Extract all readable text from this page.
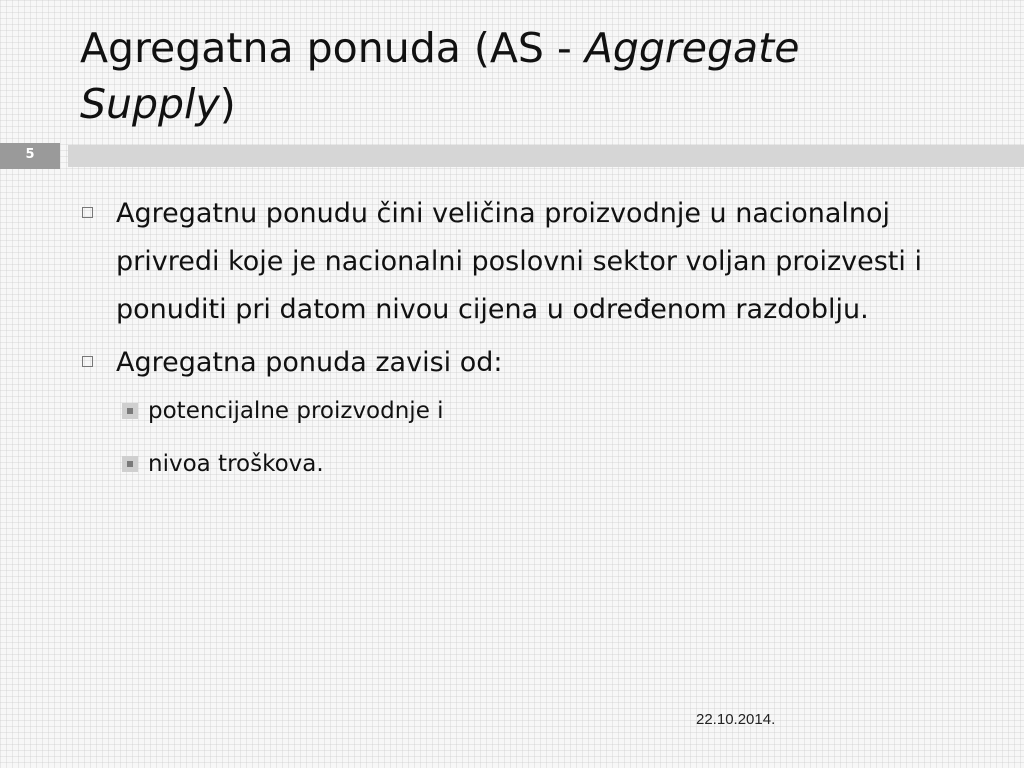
Agregatna ponuda (AS - Aggregate
Supply)
5
Agregatnu ponudu čini veličina proizvodnje u nacionalnoj privredi koje je nacionalni poslovni sektor voljan proizvesti i ponuditi pri datom nivou cijena u određenom razdoblju.
Agregatna ponuda zavisi od:
potencijalne proizvodnje i
nivoa troškova.
22.10.2014.
